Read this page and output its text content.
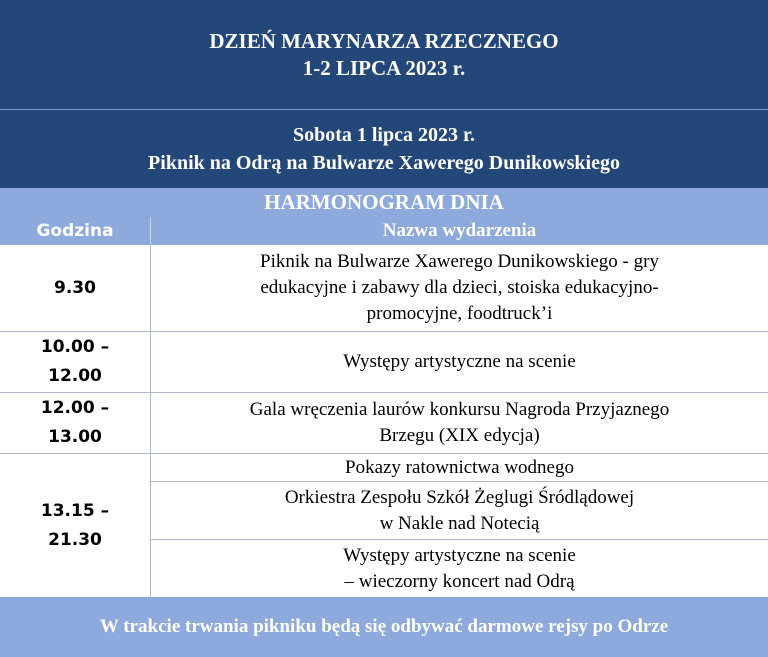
DZIEŃ MARYNARZA RZECZNEGO
1-2 LIPCA 2023 r.
Sobota 1 lipca 2023 r.
Piknik na Odrą na Bulwarze Xawerego Dunikowskiego
HARMONOGRAM DNIA
Godzina	Nazwa wydarzenia
9.30
Piknik na Bulwarze Xawerego Dunikowskiego - gry
edukacyjne i zabawy dla dzieci, stoiska edukacyjno-
promocyjne, foodtruck’i
10.00 –
12.00
Występy artystyczne na scenie
12.00 –
13.00
Gala wręczenia laurów konkursu Nagroda Przyjaznego
Brzegu (XIX edycja)
13.15 –
21.30
Pokazy ratownictwa wodnego
Orkiestra Zespołu Szkół Żeglugi Śródlądowej
w Nakle nad Notecią
Występy artystyczne na scenie
– wieczorny koncert nad Odrą
W trakcie trwania pikniku będą się odbywać darmowe rejsy po Odrze
